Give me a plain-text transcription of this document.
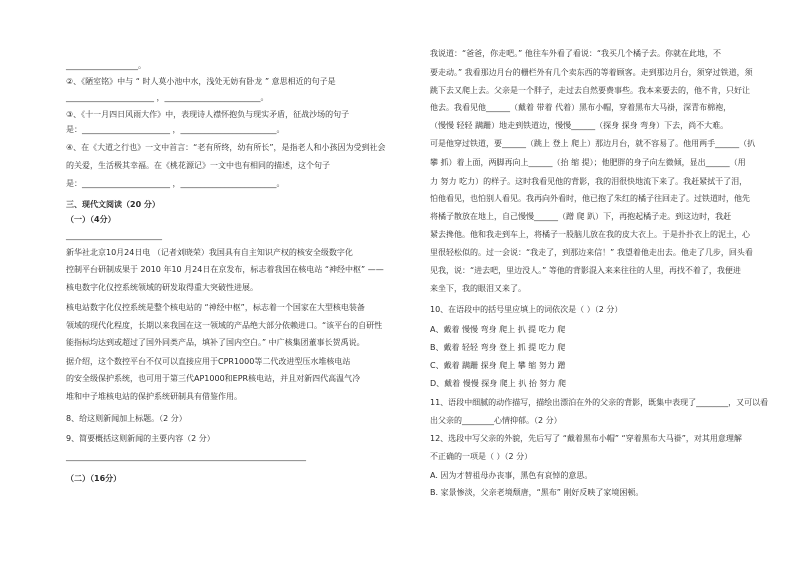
__________________。
②、《陋室铭》中与 “ 时人莫小池中水，浅处无妨有卧龙 ” 意思相近的句子是
______________________ ，________________________。
③、《十一月四日风雨大作》中，表现诗人襟怀抱负与现实矛盾，征战沙场的句子
是：______________________ ，________________________。
④、在《大道之行也》一文中首言：“老有所终，幼有所长”，是指老人和小孩因为受到社会
的关爱，生活极其幸福。在《桃花源记》一文中也有相同的描述，这个句子
是：______________________ ，________________________。
三、现代文阅读（20 分）
（一）（4分）
________________________
新华社北京10月24日电 （记者刘晓荣）我国具有自主知识产权的核安全级数字化
控制平台研制成果于 2010 年10 月24日在京发布，标志着我国在核电站 “神经中枢” ——
核电数字化仪控系统领域的研发取得重大突破性进展。
核电站数字化仪控系统是整个核电站的 “神经中枢”，标志着一个国家在大型核电装备
领域的现代化程度，长期以来我国在这一领域的产品绝大部分依赖进口。“该平台的自研性
能指标均达到或超过了国外同类产品，填补了国内空白。” 中广核集团董事长贺禹说。
据介绍，这个数控平台不仅可以直接应用于CPR1000等二代改进型压水堆核电站
的安全级保护系统，也可用于第三代AP1000和EPR核电站，并且对新四代高温气冷
堆和中子堆核电站的保护系统研制具有借鉴作用。
8、给这则新闻加上标题。（2 分）
9、简要概括这则新闻的主要内容（2 分）
____________________________________________________________
（二）（16分）
我说道：“爸爸，你走吧。” 他往车外看了看说：“我买几个橘子去。你就在此地，不
要走动。” 我看那边月台的栅栏外有几个卖东西的等着顾客。走到那边月台，须穿过铁道，须
跳下去又爬上去。父亲是一个胖子，走过去自然要费事些。我本来要去的，他不肯，只好让
他去。我看见他______（戴着 带着 代着）黑布小帽，穿着黑布大马褂，深青布棉袍，
（慢慢 轻轻 蹒跚）地走到铁道边，慢慢______（探身 探身 弯身）下去，尚不大难。
可是他穿过铁道，要______（跳上 登上 爬上）那边月台，就不容易了。他用两手______（扒
攀 抓）着上面，两脚再向上______（抬 缩 提）；他肥胖的身子向左微倾，显出______（用
力 努力 吃力）的样子。这时我看见他的背影，我的泪很快地流下来了。我赶紧拭干了泪，
怕他看见，也怕别人看见。我再向外看时，他已抱了朱红的橘子往回走了。过铁道时，他先
将橘子散放在地上，自己慢慢______（蹭 爬 趴）下，再抱起橘子走。到这边时，我赶
紧去搀他。他和我走到车上，将橘子一股脑儿放在我的皮大衣上。于是扑扑衣上的泥土，心
里很轻松似的。过一会说：“我走了，到那边来信！” 我望着他走出去。他走了几步，回头看
见我，说：“进去吧，里边没人。” 等他的背影混入来来往往的人里，再找不着了，我便进
来坐下，我的眼泪又来了。
10、在语段中的括号里应填上的词依次是（ ）（2 分）
A、戴着 慢慢 弯身 爬上 扒 提 吃力 爬
B、戴着 轻轻 弯身 登上 抓 提 吃力 爬
C、戴着 蹒跚 探身 爬上 攀 缩 努力 蹭
D、戴着 慢慢 探身 爬上 扒 抬 努力 爬
11、语段中细腻的动作描写，描绘出漂泊在外的父亲的背影，既集中表现了________，又可以看
出父亲的________心情抑郁。（2 分）
12、选段中写父亲的外貌，先后写了 “戴着黑布小帽” “穿着黑布大马褂”，对其用意理解
不正确的一项是（ ）（2 分）
A. 因为才替祖母办丧事，黑色有哀悼的意思。
B. 家景惨淡，父亲老境颓唐，“黑布” 刚好反映了家境困顿。
